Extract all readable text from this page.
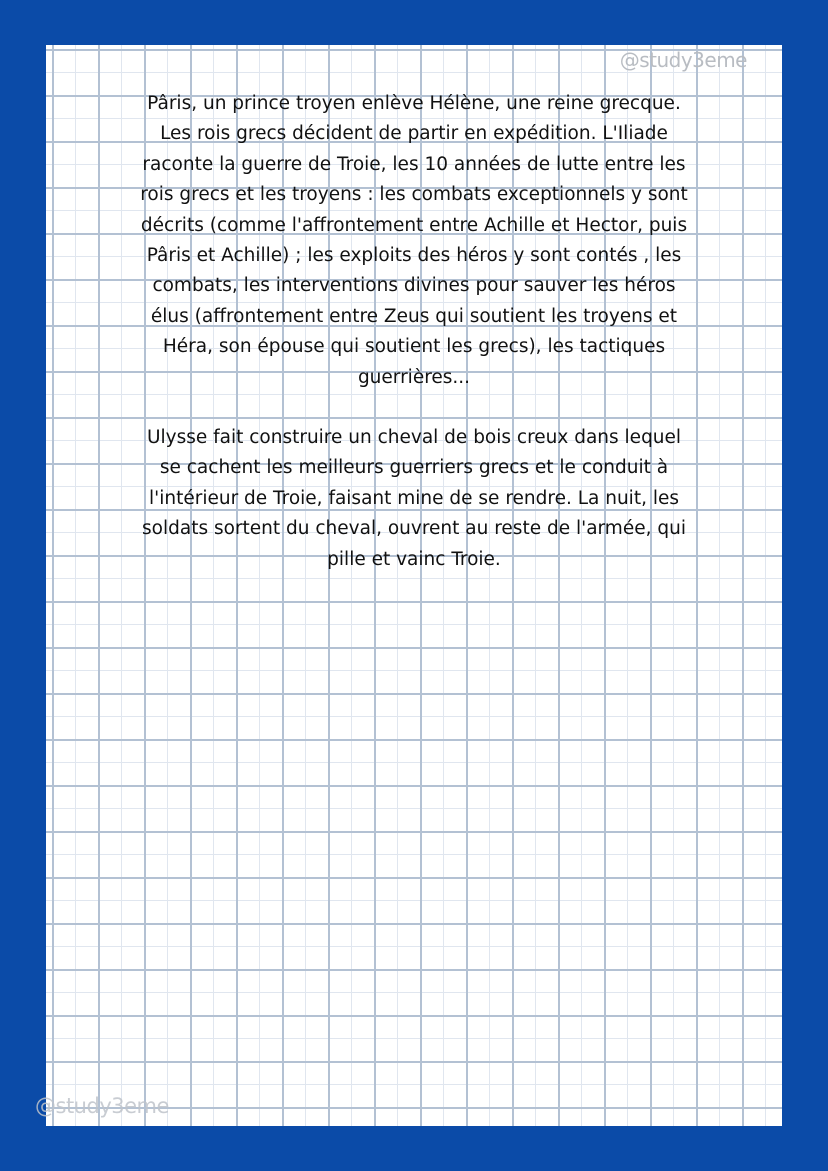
@study3eme

Pâris, un prince troyen enlève Hélène, une reine grecque.
Les rois grecs décident de partir en expédition. L'Iliade
raconte la guerre de Troie, les 10 années de lutte entre les
rois grecs et les troyens : les combats exceptionnels y sont
décrits (comme l'affrontement entre Achille et Hector, puis
Pâris et Achille) ; les exploits des héros y sont contés , les
combats, les interventions divines pour sauver les héros
élus (affrontement entre Zeus qui soutient les troyens et
Héra, son épouse qui soutient les grecs), les tactiques
guerrières...

Ulysse fait construire un cheval de bois creux dans lequel
se cachent les meilleurs guerriers grecs et le conduit à
l'intérieur de Troie, faisant mine de se rendre. La nuit, les
soldats sortent du cheval, ouvrent au reste de l'armée, qui
pille et vainc Troie.

@study3eme
